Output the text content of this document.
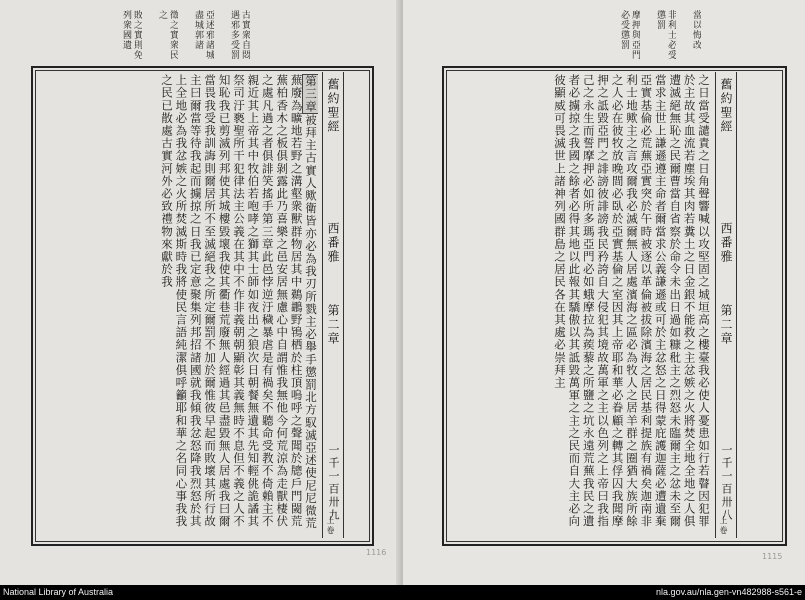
古實衆自悶遇邪多受罰
亞述邪諸城盡城郭諸
徵之實衆民之
敗之實則免列衆國遺
第三章被拜主古實人歟衛皆亦必為我刃所戮主必舉手懲罰北方馭滅亞述使尼尼微荒蕪廢為曠地若野之溝壑衆獸群物居其中鵜鶘野鴇栖於柱頂嗚呼之聲聞於牕戶門閾荒蕪柏香木之板俱剝露此乃喜樂之邑安居無慮心中自謂惟我無他今何荒涼為走獸棲伏之處凡過之者俱誹笑搖手第三章此邑悖逆汙穢暴虐是有禍矣不聽命受教不倚賴主不親近其上帝其中牧伯若咆哮之獅其士師如夜出之狼次日朝餐無遺其先知輕佻詭譎其祭司汙褻聖所干犯律法主公義在其中不作非義朝朝顯彰其義無時不息但不義之人不知恥我已剪滅列邦使其城樓毀壞我使其衢巷荒廢無人經過其邑盡毀無人居處我曰爾當畏我受我訓誨則爾居所不至滅絕我之所定爾罰不加於爾惟彼早起而敗壞其所行故主曰爾當等待我起而擄掠之日我已定意聚集列邦招諸國就我傾我忿怒降我烈怒於其上全地必為我忿嫉之火所焚滅斯時我將使民言語純潔俱呼籲耶和華之名同心事我我之民已散處古實河外必致禮物來獻於我	舊約聖經
西番雅
第二章
一千一百卅九
上卷
當以悔改
非利士必受懲罰
摩押與亞門必受懲罰
之日當受譴責之日角聲響喊以攻堅固之城垣高之樓臺我必使人憂患如行若瞽因犯罪於主故其血流若塵埃其肉若糞土之日金銀不能救之主忿嫉之火將焚全地全地之人俱遭滅絕無恥之民爾曹當自省察於命令未出日過如糠秕主之烈怒未臨爾主之忿未至爾當求主世上謙遜遵主命者爾當求公義謙遜或可於主忿怒之日得蒙庇護迦薩必遭遺棄亞實基倫必荒蕪亞實突於午時被逐以革倫被拔除濱海之居民基利提族有禍矣迦南非利士地歟主之言攻爾我必滅爾無人居處濱海之區必為牧人之居羊群之圈猶大族所餘之人必在彼牧放晚間必臥於亞實基倫之室因其上帝耶和華必眷顧之轉其俘囚我聞摩押之詆毀亞門之誹謗彼誹謗我民矜誇自大侵犯其境故萬軍之主以色列之上帝曰我指己之永生而誓摩押必如所多瑪亞門必如蛾摩拉為蒺藜之所鹽之坑永遠荒蕪我民之遺者必擄掠之我國之餘者必得其地以此報其驕傲以其詆毀萬軍之主之民而自大主必向彼顯威可畏滅世上諸神列國群島之居民各在其處必崇拜主	舊約聖經
西番雅
第二章
一千一百卅八
上卷
1116	1115
National Library of Australia	nla.gov.au/nla.gen-vn482988-s561-e
